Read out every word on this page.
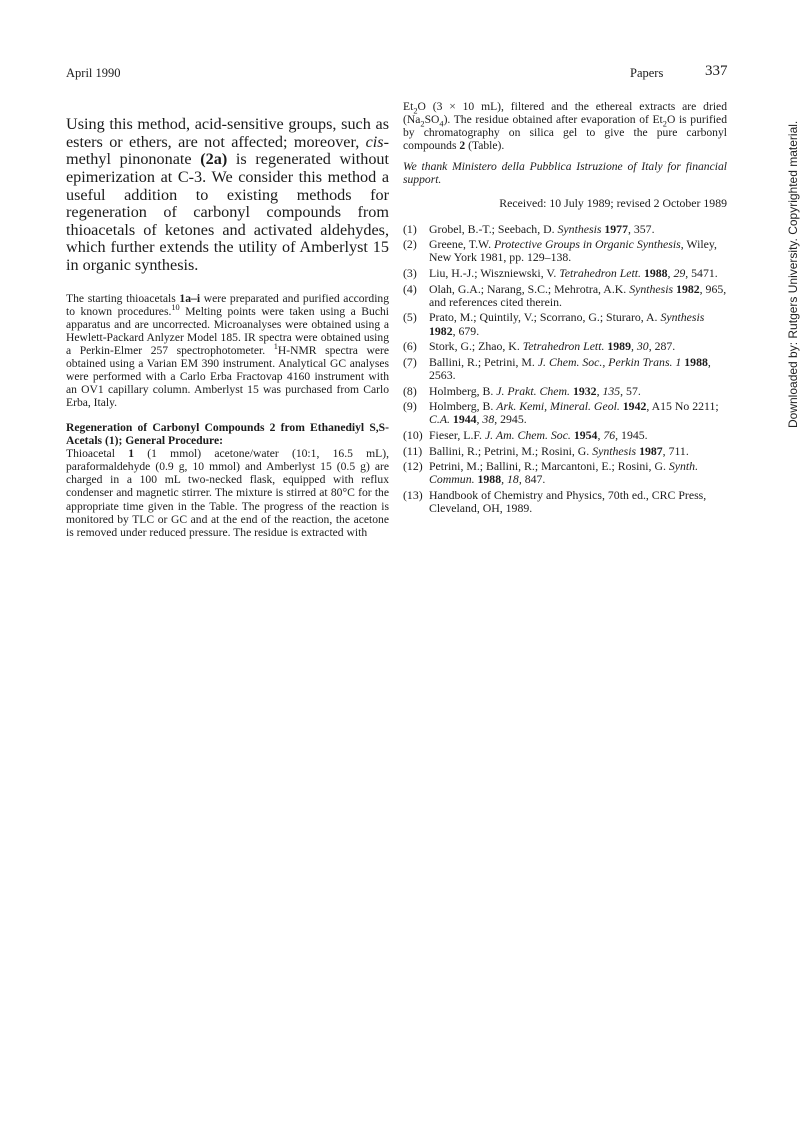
April 1990	Papers	337

Using this method, acid-sensitive groups, such as esters or ethers, are not affected; moreover, cis-methyl pinononate (2a) is regenerated without epimerization at C-3. We consider this method a useful addition to existing methods for regeneration of carbonyl compounds from thioacetals of ketones and activated aldehydes, which further extends the utility of Amberlyst 15 in organic synthesis.

The starting thioacetals 1a–i were preparated and purified according to known procedures.$^{10}$ Melting points were taken using a Buchi apparatus and are uncorrected. Microanalyses were obtained using a Hewlett-Packard Anlyzer Model 185. IR spectra were obtained using a Perkin-Elmer 257 spectrophotometer. $^1$H-NMR spectra were obtained using a Varian EM 390 instrument. Analytical GC analyses were performed with a Carlo Erba Fractovap 4160 instrument with an OV1 capillary column. Amberlyst 15 was purchased from Carlo Erba, Italy.

Regeneration of Carbonyl Compounds 2 from Ethanediyl S,S-Acetals (1); General Procedure:
Thioacetal 1 (1 mmol) acetone/water (10:1, 16.5 mL), paraformaldehyde (0.9 g, 10 mmol) and Amberlyst 15 (0.5 g) are charged in a 100 mL two-necked flask, equipped with reflux condenser and magnetic stirrer. The mixture is stirred at 80°C for the appropriate time given in the Table. The progress of the reaction is monitored by TLC or GC and at the end of the reaction, the acetone is removed under reduced pressure. The residue is extracted with

$Et_2O$ (3 × 10 mL), filtered and the ethereal extracts are dried $(Na_2SO_4)$. The residue obtained after evaporation of $Et_2O$ is purified by chromatography on silica gel to give the pure carbonyl compounds 2 (Table).

We thank Ministero della Pubblica Istruzione of Italy for financial support.

Received: 10 July 1989; revised 2 October 1989

(1) Grobel, B.-T.; Seebach, D. Synthesis 1977, 357.
(2) Greene, T.W. Protective Groups in Organic Synthesis, Wiley, New York 1981, pp. 129–138.
(3) Liu, H.-J.; Wiszniewski, V. Tetrahedron Lett. 1988, 29, 5471.
(4) Olah, G.A.; Narang, S.C.; Mehrotra, A.K. Synthesis 1982, 965, and references cited therein.
(5) Prato, M.; Quintily, V.; Scorrano, G.; Sturaro, A. Synthesis 1982, 679.
(6) Stork, G.; Zhao, K. Tetrahedron Lett. 1989, 30, 287.
(7) Ballini, R.; Petrini, M. J. Chem. Soc., Perkin Trans. 1 1988, 2563.
(8) Holmberg, B. J. Prakt. Chem. 1932, 135, 57.
(9) Holmberg, B. Ark. Kemi, Mineral. Geol. 1942, A15 No 2211; C.A. 1944, 38, 2945.
(10) Fieser, L.F. J. Am. Chem. Soc. 1954, 76, 1945.
(11) Ballini, R.; Petrini, M.; Rosini, G. Synthesis 1987, 711.
(12) Petrini, M.; Ballini, R.; Marcantoni, E.; Rosini, G. Synth. Commun. 1988, 18, 847.
(13) Handbook of Chemistry and Physics, 70th ed., CRC Press, Cleveland, OH, 1989.
Downloaded by: Rutgers University. Copyrighted material.
